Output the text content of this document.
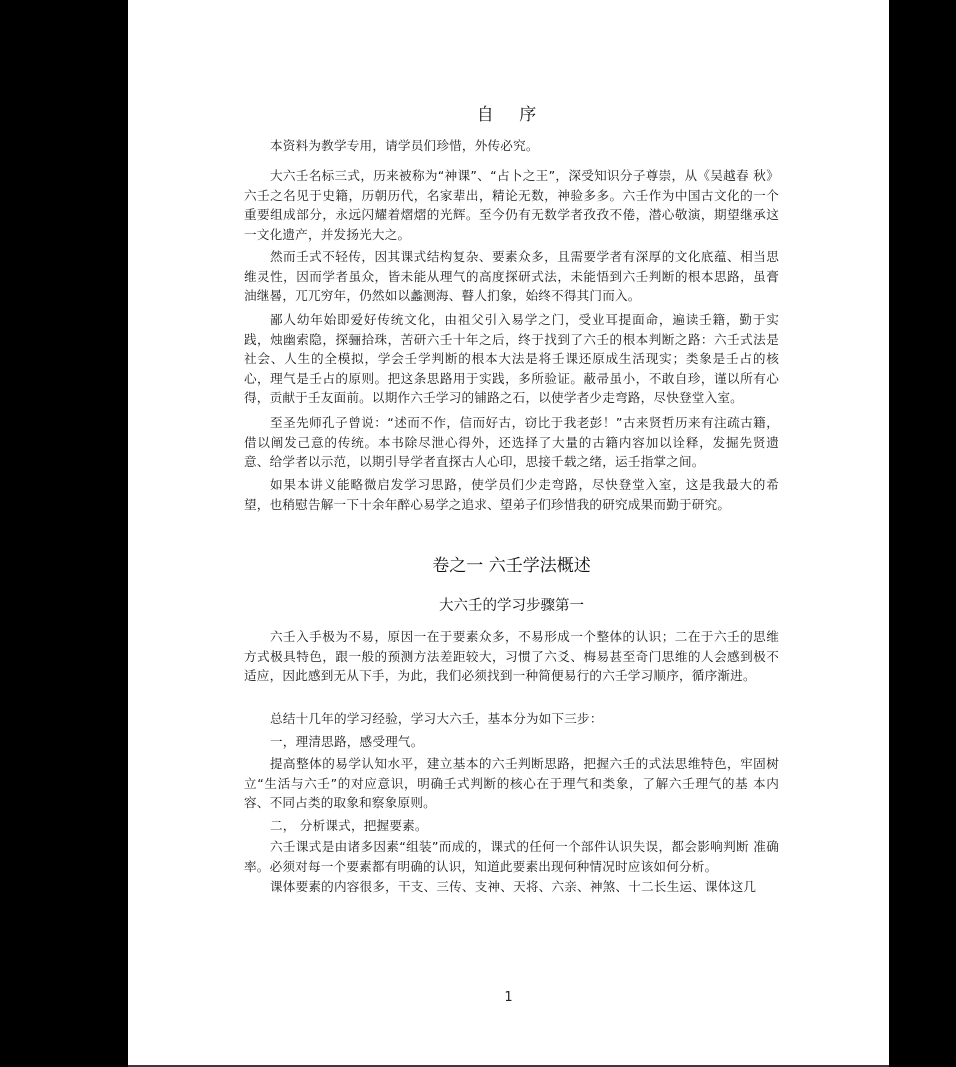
自 序
本资料为教学专用，请学员们珍惜，外传必究。
大六壬名标三式，历来被称为“神课”、“占卜之王”，深受知识分子尊崇，从《吴越春 秋》六壬之名见于史籍，历朝历代，名家辈出，精论无数，神验多多。六壬作为中国古文化的一个重要组成部分，永远闪耀着熠熠的光辉。至今仍有无数学者孜孜不倦，潜心敬演，期望继承这一文化遗产，并发扬光大之。
然而壬式不轻传，因其课式结构复杂、要素众多，且需要学者有深厚的文化底蕴、相当思维灵性，因而学者虽众，皆未能从理气的高度探研式法，未能悟到六壬判断的根本思路，虽膏油继晷，兀兀穷年，仍然如以蠡测海、瞽人扪象，始终不得其门而入。
鄙人幼年始即爱好传统文化，由祖父引入易学之门，受业耳提面命，遍读壬籍，勤于实践，烛幽索隐，探骊拾珠，苦研六壬十年之后，终于找到了六壬的根本判断之路：六壬式法是社会、人生的全模拟，学会壬学判断的根本大法是将壬课还原成生活现实；类象是壬占的核心，理气是壬占的原则。把这条思路用于实践，多所验证。蔽帚虽小，不敢自珍，谨以所有心得，贡献于壬友面前。以期作六壬学习的铺路之石，以使学者少走弯路，尽快登堂入室。
至圣先师孔子曾说：“述而不作，信而好古，窃比于我老彭！”古来贤哲历来有注疏古籍， 借以阐发己意的传统。本书除尽泄心得外，还选择了大量的古籍内容加以诠释，发掘先贤遗 意、给学者以示范，以期引导学者直探古人心印，思接千载之绪，运壬指掌之间。
如果本讲义能略微启发学习思路，使学员们少走弯路，尽快登堂入室，这是我最大的希望，也稍慰告解一下十余年醉心易学之追求、望弟子们珍惜我的研究成果而勤于研究。
卷之一 六壬学法概述
大六壬的学习步骤第一
六壬入手极为不易，原因一在于要素众多，不易形成一个整体的认识；二在于六壬的思维方式极具特色，跟一般的预测方法差距较大，习惯了六爻、梅易甚至奇门思维的人会感到极不适应，因此感到无从下手，为此，我们必须找到一种简便易行的六壬学习顺序，循序渐进。
总结十几年的学习经验，学习大六壬，基本分为如下三步：
一，理清思路，感受理气。
提高整体的易学认知水平，建立基本的六壬判断思路，把握六壬的式法思维特色，牢固树立“生活与六壬”的对应意识，明确壬式判断的核心在于理气和类象，了解六壬理气的基 本内容、不同占类的取象和察象原则。
二， 分析课式，把握要素。
六壬课式是由诸多因素“组装”而成的，课式的任何一个部件认识失误，都会影响判断 准确率。必须对每一个要素都有明确的认识，知道此要素出现何种情况时应该如何分析。
课体要素的内容很多，干支、三传、支神、天将、六亲、神煞、十二长生运、课体这几
1
